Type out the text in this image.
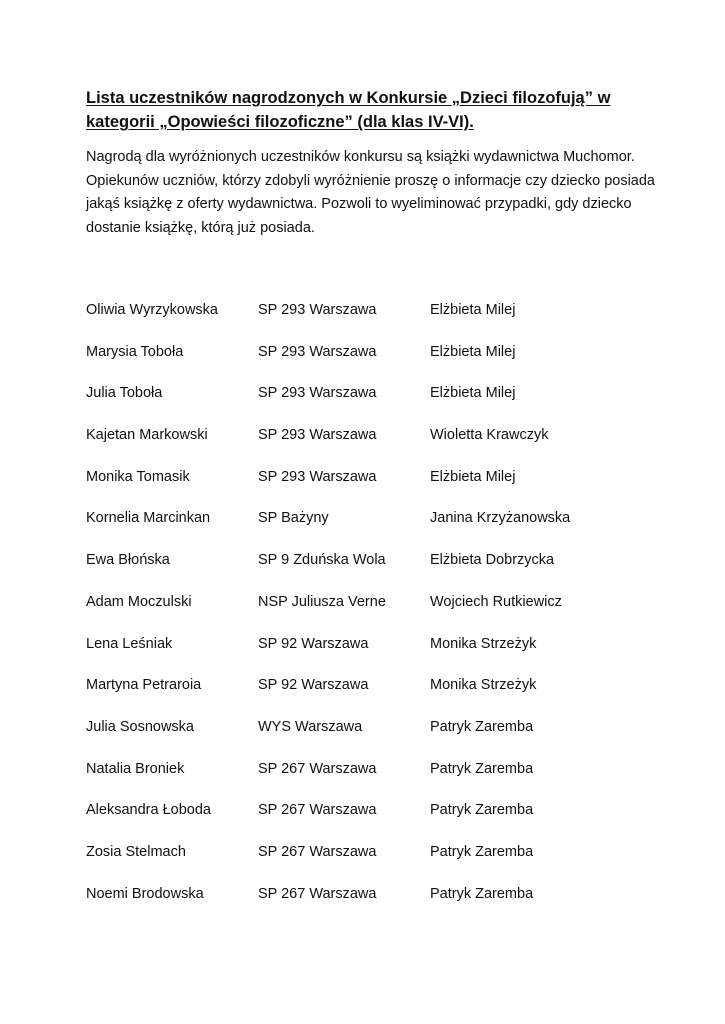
Lista uczestników nagrodzonych w Konkursie „Dzieci filozofują” w kategorii „Opowieści filozoficzne” (dla klas IV-VI).

Nagrodą dla wyróżnionych uczestników konkursu są książki wydawnictwa Muchomor. Opiekunów uczniów, którzy zdobyli wyróżnienie proszę o informacje czy dziecko posiada jakąś książkę z oferty wydawnictwa. Pozwoli to wyeliminować przypadki, gdy dziecko dostanie książkę, którą już posiada.

Oliwia Wyrzykowska	SP 293 Warszawa	Elżbieta Milej
Marysia Toboła	SP 293 Warszawa	Elżbieta Milej
Julia Toboła	SP 293 Warszawa	Elżbieta Milej
Kajetan Markowski	SP 293 Warszawa	Wioletta Krawczyk
Monika Tomasik	SP 293 Warszawa	Elżbieta Milej
Kornelia Marcinkan	SP Bażyny	Janina Krzyżanowska
Ewa Błońska	SP 9 Zduńska Wola	Elżbieta Dobrzycka
Adam Moczulski	NSP Juliusza Verne	Wojciech Rutkiewicz
Lena Leśniak	SP 92 Warszawa	Monika Strzeżyk
Martyna Petraroia	SP 92 Warszawa	Monika Strzeżyk
Julia Sosnowska	WYS Warszawa	Patryk Zaremba
Natalia Broniek	SP 267 Warszawa	Patryk Zaremba
Aleksandra Łoboda	SP 267 Warszawa	Patryk Zaremba
Zosia Stelmach	SP 267 Warszawa	Patryk Zaremba
Noemi Brodowska	SP 267 Warszawa	Patryk Zaremba
